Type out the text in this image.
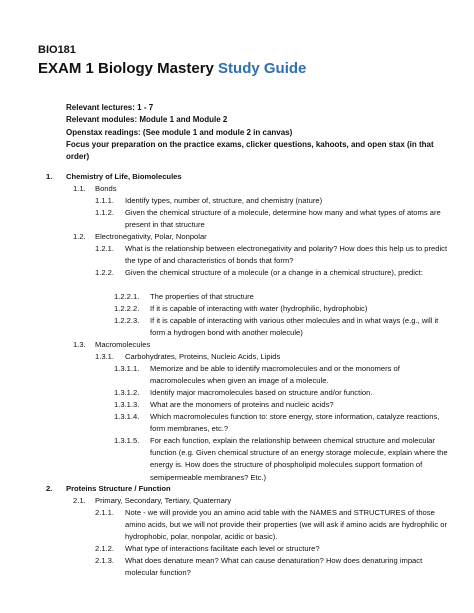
BIO181
EXAM 1 Biology Mastery Study Guide
Relevant lectures: 1 - 7
Relevant modules: Module 1 and Module 2
Openstax readings: (See module 1 and module 2 in canvas)
Focus your preparation on the practice exams, clicker questions, kahoots, and open stax (in that order)
1. Chemistry of Life, Biomolecules
1.1. Bonds
1.1.1. Identify types, number of, structure, and chemistry (nature)
1.1.2. Given the chemical structure of a molecule, determine how many and what types of atoms are present in that structure
1.2. Electronegativity, Polar, Nonpolar
1.2.1. What is the relationship between electronegativity and polarity? How does this help us to predict the type of and characteristics of bonds that form?
1.2.2. Given the chemical structure of a molecule (or a change in a chemical structure), predict:
1.2.2.1. The properties of that structure
1.2.2.2. If it is capable of interacting with water (hydrophilic, hydrophobic)
1.2.2.3. If it is capable of interacting with various other molecules and in what ways (e.g., will it form a hydrogen bond with another molecule)
1.3. Macromolecules
1.3.1. Carbohydrates, Proteins, Nucleic Acids, Lipids
1.3.1.1. Memorize and be able to identify macromolecules and or the monomers of macromolecules when given an image of a molecule.
1.3.1.2. Identify major macromolecules based on structure and/or function.
1.3.1.3. What are the monomers of proteins and nucleic acids?
1.3.1.4. Which macromolecules function to: store energy, store information, catalyze reactions, form membranes, etc.?
1.3.1.5. For each function, explain the relationship between chemical structure and molecular function (e.g. Given chemical structure of an energy storage molecule, explain where the energy is. How does the structure of phospholipid molecules support formation of semipermeable membranes? Etc.)
2. Proteins Structure / Function
2.1. Primary, Secondary, Tertiary, Quaternary
2.1.1. Note - we will provide you an amino acid table with the NAMES and STRUCTURES of those amino acids, but we will not provide their properties (we will ask if amino acids are hydrophilic or hydrophobic, polar, nonpolar, acidic or basic).
2.1.2. What type of interactions facilitate each level or structure?
2.1.3. What does denature mean? What can cause denaturation? How does denaturing impact molecular function?
